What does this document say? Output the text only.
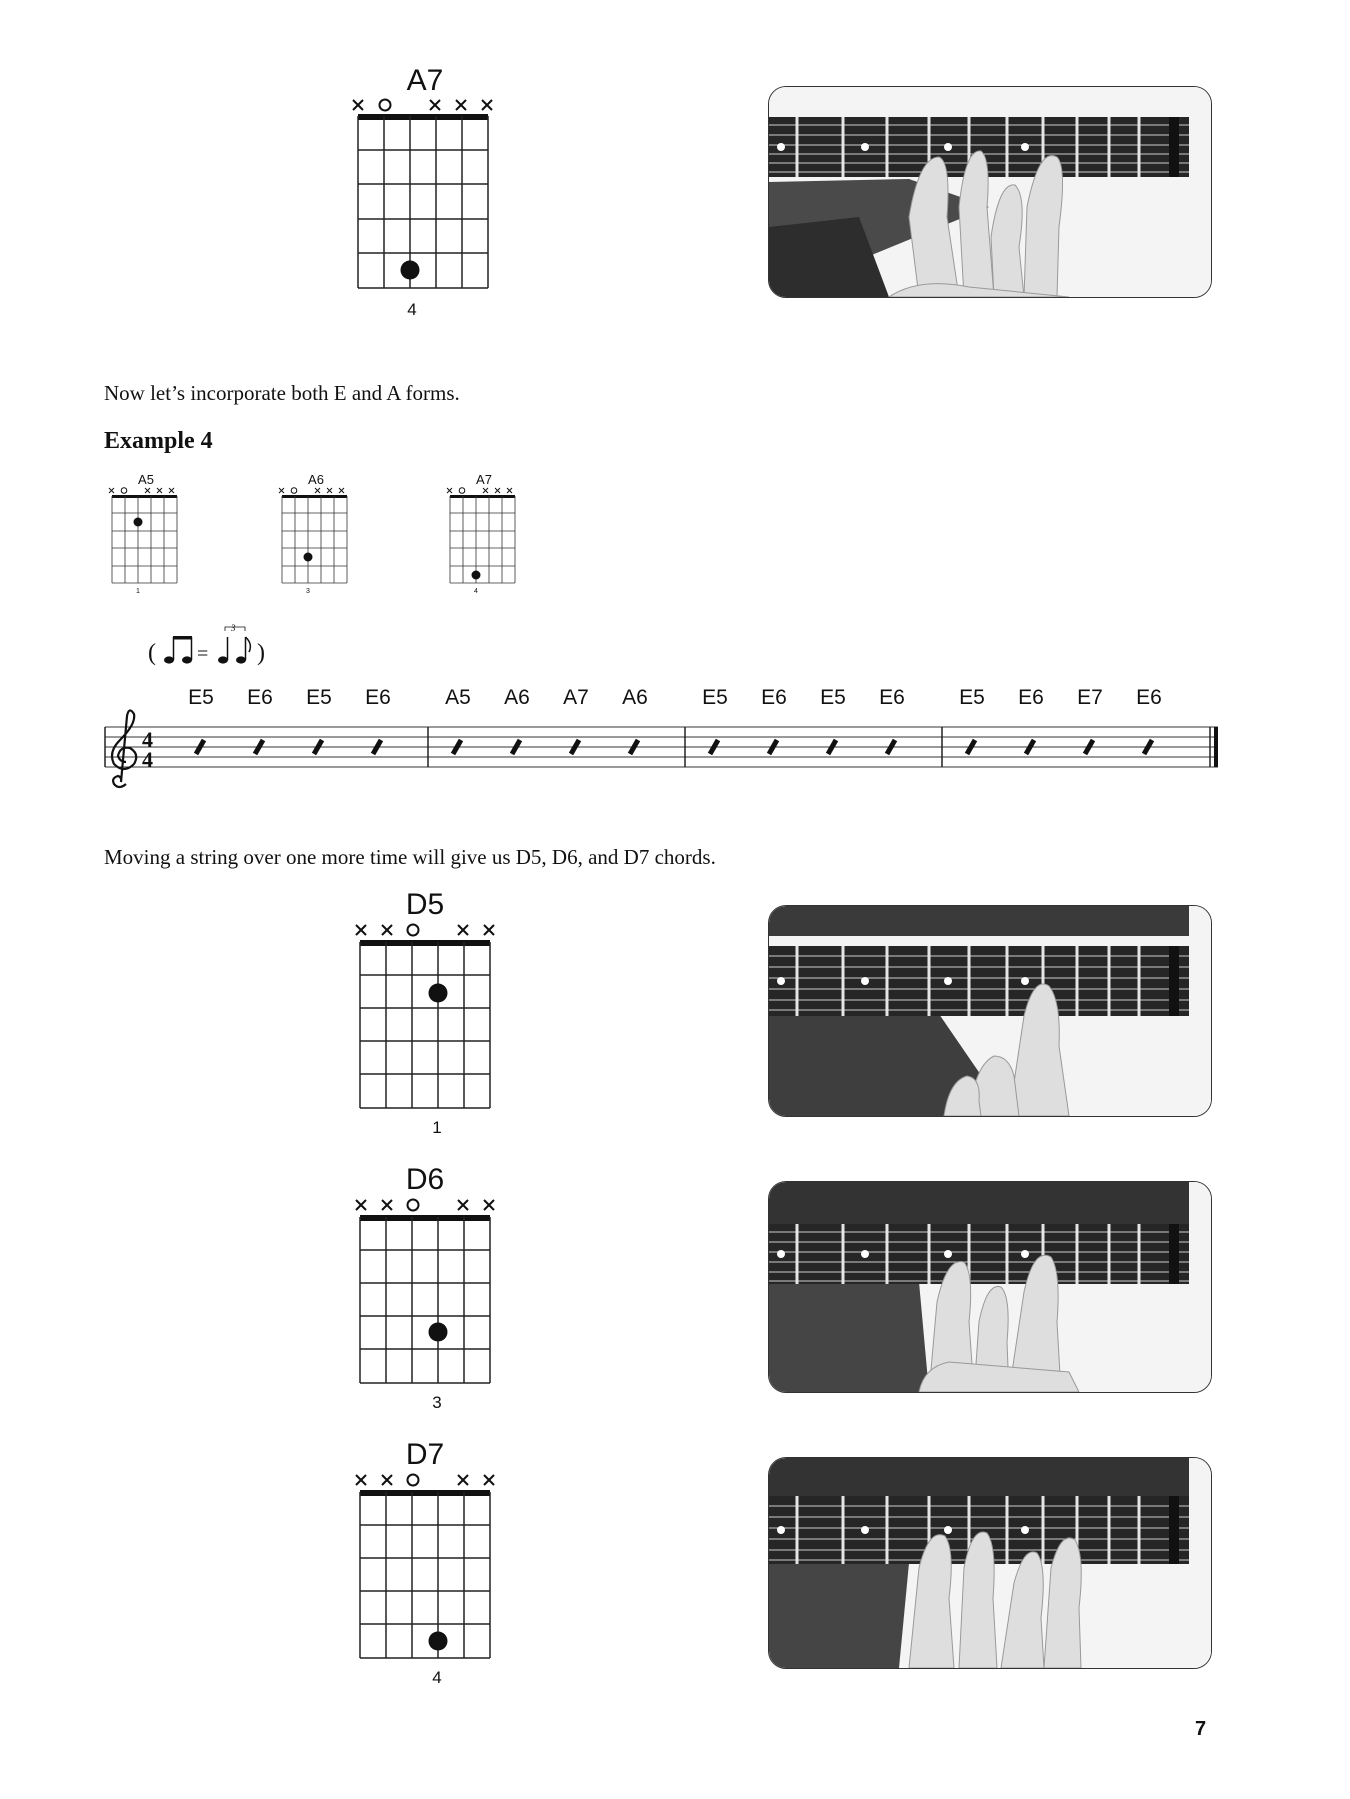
A7
4
Now let’s incorporate both E and A forms.
Example 4
A5
1
A6
3
A7
4
( =
3
)
E5	E6	E5	E6	A5	A6	A7	A6	E5	E6	E5	E6	E5	E6	E7	E6
4
4
Moving a string over one more time will give us D5, D6, and D7 chords.
D5
1
D6
3
D7
4
7
